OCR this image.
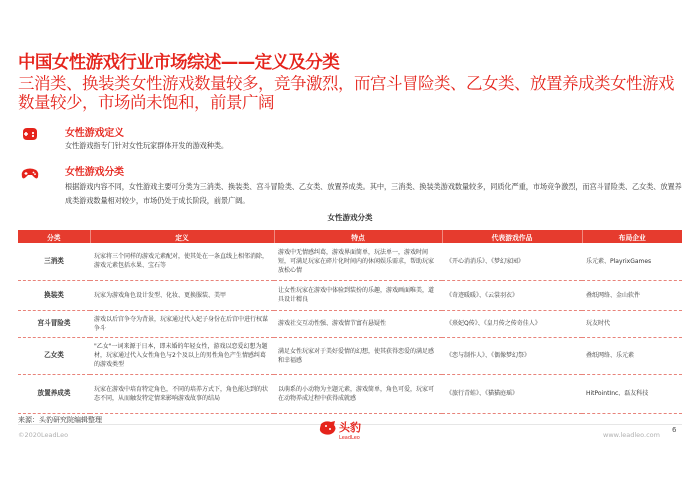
中国女性游戏行业市场综述——定义及分类
三消类、换装类女性游戏数量较多，竞争激烈，而宫斗冒险类、乙女类、放置养成类女性游戏数量较少，市场尚未饱和，前景广阔
女性游戏定义
女性游戏指专门针对女性玩家群体开发的游戏种类。
女性游戏分类
根据游戏内容不同，女性游戏主要可分类为三消类、换装类、宫斗冒险类、乙女类、放置养成类。其中，三消类、换装类游戏数量较多，同质化严重，市场竞争激烈，而宫斗冒险类、乙女类、放置养成类游戏数量相对较少，市场仍处于成长阶段，前景广阔。
女性游戏分类
分类	定义	特点	代表游戏作品	布局企业
三消类	玩家将三个同样的游戏元素配对，使其处在一条直线上相邻消除，游戏元素包括水果、宝石等	游戏中无情感纠葛，游戏界面简单，玩法单一，游戏时间短，可满足玩家在碎片化时间内的休闲娱乐需求，帮助玩家放松心情	《开心消消乐》、《梦幻家园》	乐元素、PlayrixGames
换装类	玩家为游戏角色设计发型、化妆、更换服装、美甲	让女性玩家在游戏中体验到装扮的乐趣，游戏画面唯美，道具设计精良	《奇迹暖暖》、《云裳羽衣》	叠纸网络、金山软件
宫斗冒险类	游戏以后宫争夺为背景，玩家通过代入妃子身份在后宫中进行权谋争斗	游戏社交互动性强、游戏情节富有悬疑性	《熹妃Q传》、《皇月传之传奇佳人》	玩友时代
乙女类	"乙女"一词来源于日本，即未婚的年轻女性，游戏以恋爱幻想为题材，玩家通过代入女性角色与2个及以上的男性角色产生情感纠葛的游戏类型	满足女性玩家对于美好爱情的幻想，使其获得恋爱的满足感和幸福感	《恋与制作人》、《偶像梦幻祭》	叠纸网络、乐元素
放置养成类	玩家在游戏中培育特定角色，不同的培养方式下，角色能达到的状态不同，从而触发特定情来影响游戏故事的结局	以萌系的小动物为主题元素，游戏简单，角色可爱，玩家可在动物养成过程中获得成就感	《旅行青蛙》、《猫猫庭瑶》	HitPointInc、磊友科技
来源：头豹研究院编辑整理
©2020LeadLeo
头豹
LeadLeo	www.leadleo.com
6
